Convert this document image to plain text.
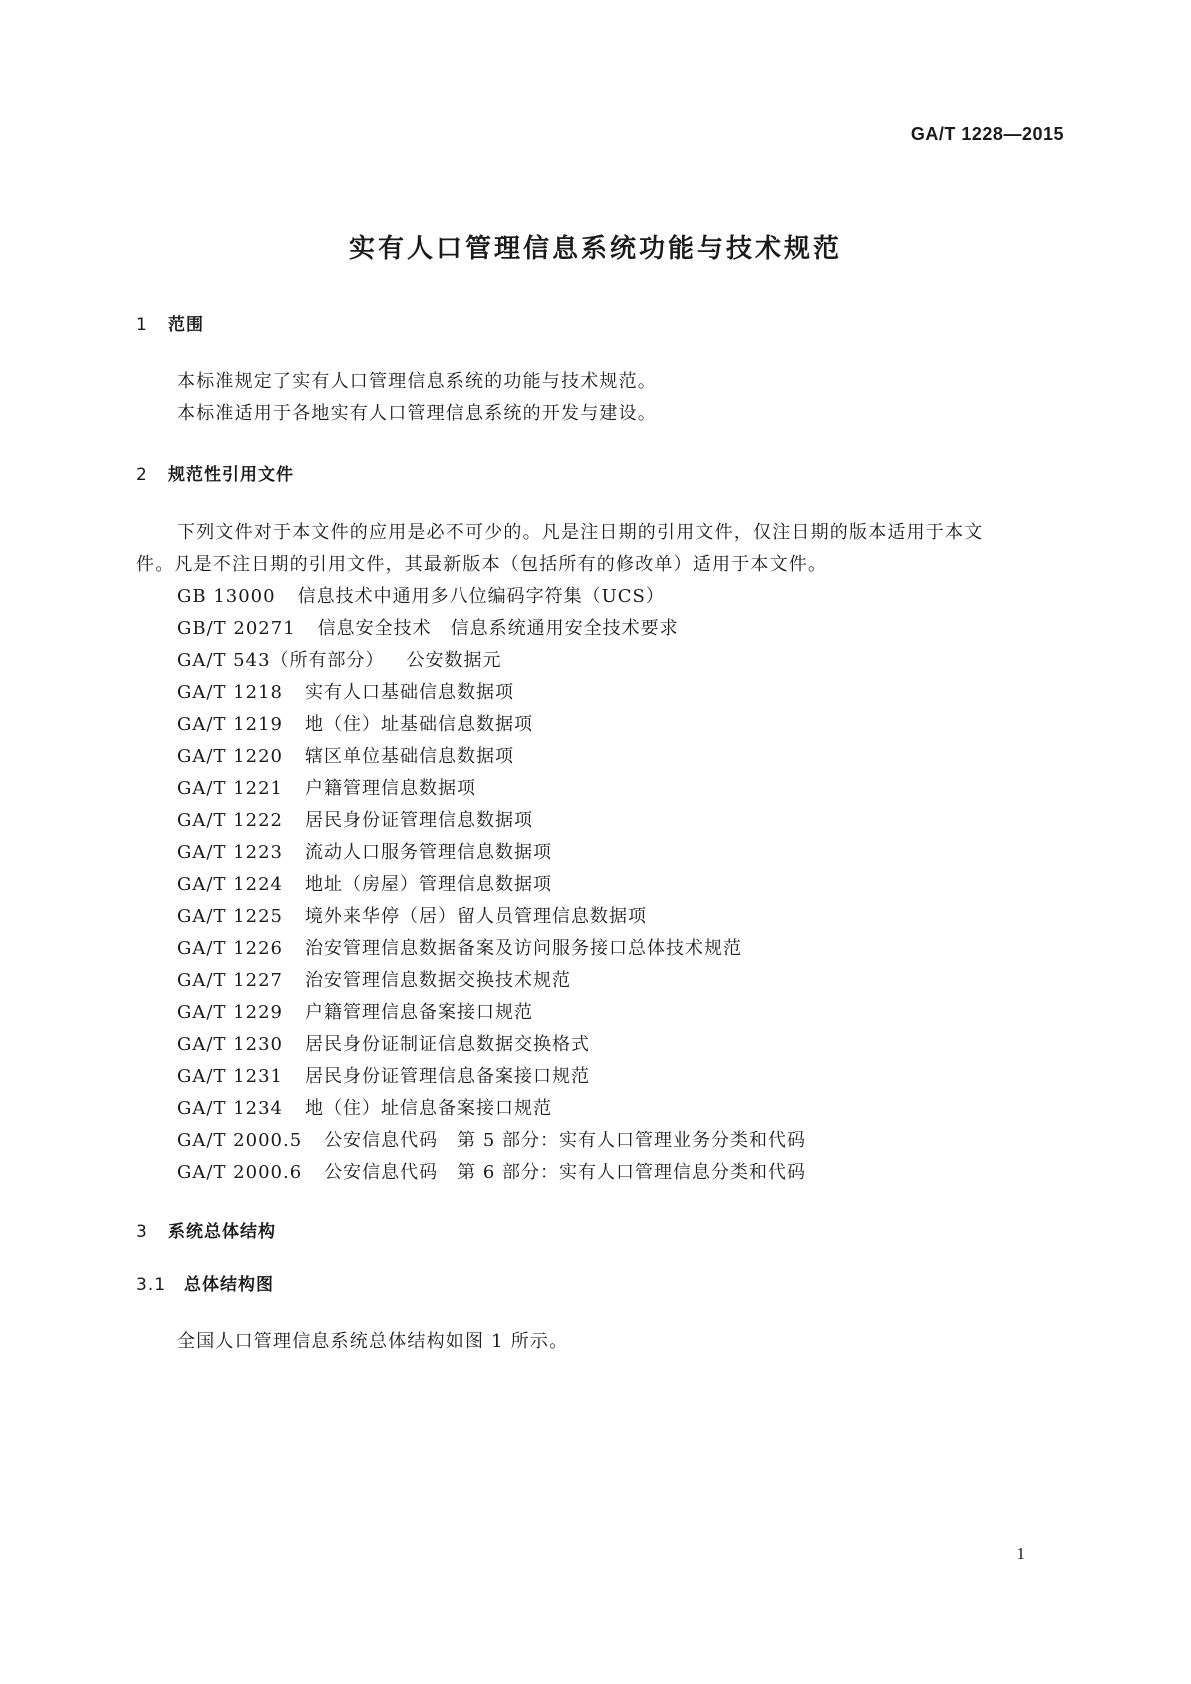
GA/T 1228—2015
实有人口管理信息系统功能与技术规范
1 范围
本标准规定了实有人口管理信息系统的功能与技术规范。
本标准适用于各地实有人口管理信息系统的开发与建设。
2 规范性引用文件
下列文件对于本文件的应用是必不可少的。凡是注日期的引用文件，仅注日期的版本适用于本文
件。凡是不注日期的引用文件，其最新版本（包括所有的修改单）适用于本文件。
GB 13000 信息技术中通用多八位编码字符集（UCS）
GB/T 20271 信息安全技术　信息系统通用安全技术要求
GA/T 543（所有部分） 公安数据元
GA/T 1218 实有人口基础信息数据项
GA/T 1219 地（住）址基础信息数据项
GA/T 1220 辖区单位基础信息数据项
GA/T 1221 户籍管理信息数据项
GA/T 1222 居民身份证管理信息数据项
GA/T 1223 流动人口服务管理信息数据项
GA/T 1224 地址（房屋）管理信息数据项
GA/T 1225 境外来华停（居）留人员管理信息数据项
GA/T 1226 治安管理信息数据备案及访问服务接口总体技术规范
GA/T 1227 治安管理信息数据交换技术规范
GA/T 1229 户籍管理信息备案接口规范
GA/T 1230 居民身份证制证信息数据交换格式
GA/T 1231 居民身份证管理信息备案接口规范
GA/T 1234 地（住）址信息备案接口规范
GA/T 2000.5 公安信息代码　第 5 部分：实有人口管理业务分类和代码
GA/T 2000.6 公安信息代码　第 6 部分：实有人口管理信息分类和代码
3 系统总体结构
3.1 总体结构图
全国人口管理信息系统总体结构如图 1 所示。
1
